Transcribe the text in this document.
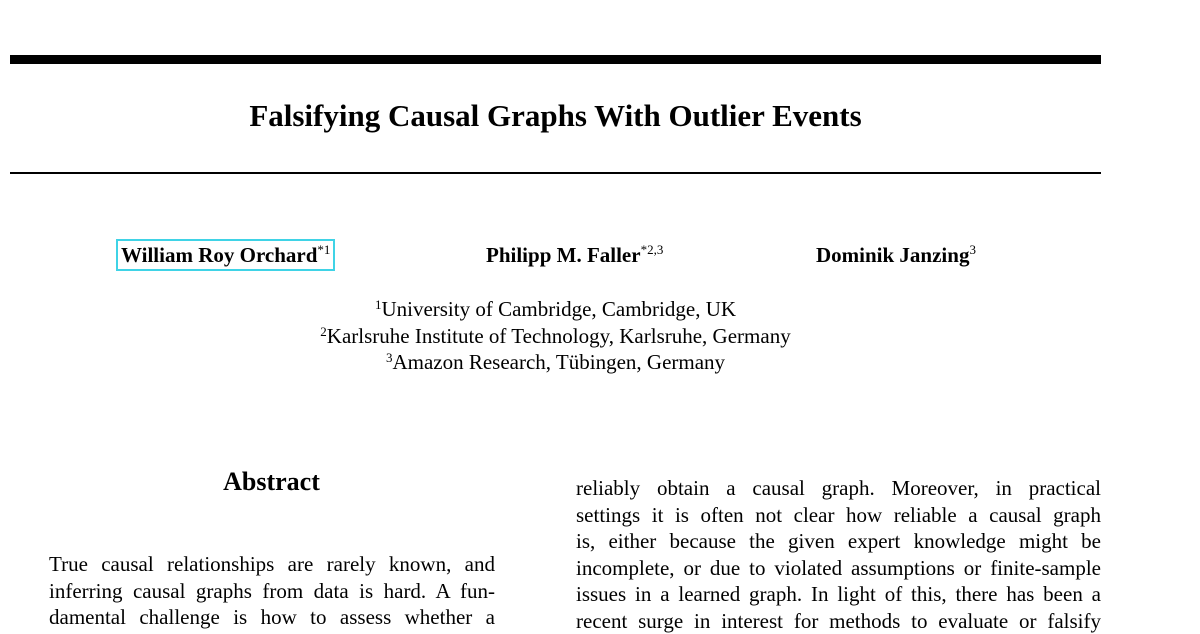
Falsifying Causal Graphs With Outlier Events
William Roy Orchard$^{*1}$	Philipp M. Faller$^{*2,3}$	Dominik Janzing$^3$
$^1$University of Cambridge, Cambridge, UK
$^2$Karlsruhe Institute of Technology, Karlsruhe, Germany
$^3$Amazon Research, Tübingen, Germany
Abstract
True causal relationships are rarely known, and
inferring causal graphs from data is hard. A fun-
damental challenge is how to assess whether a
reliably obtain a causal graph. Moreover, in practical
settings it is often not clear how reliable a causal graph
is, either because the given expert knowledge might be
incomplete, or due to violated assumptions or finite-sample
issues in a learned graph. In light of this, there has been a
recent surge in interest for methods to evaluate or falsify
